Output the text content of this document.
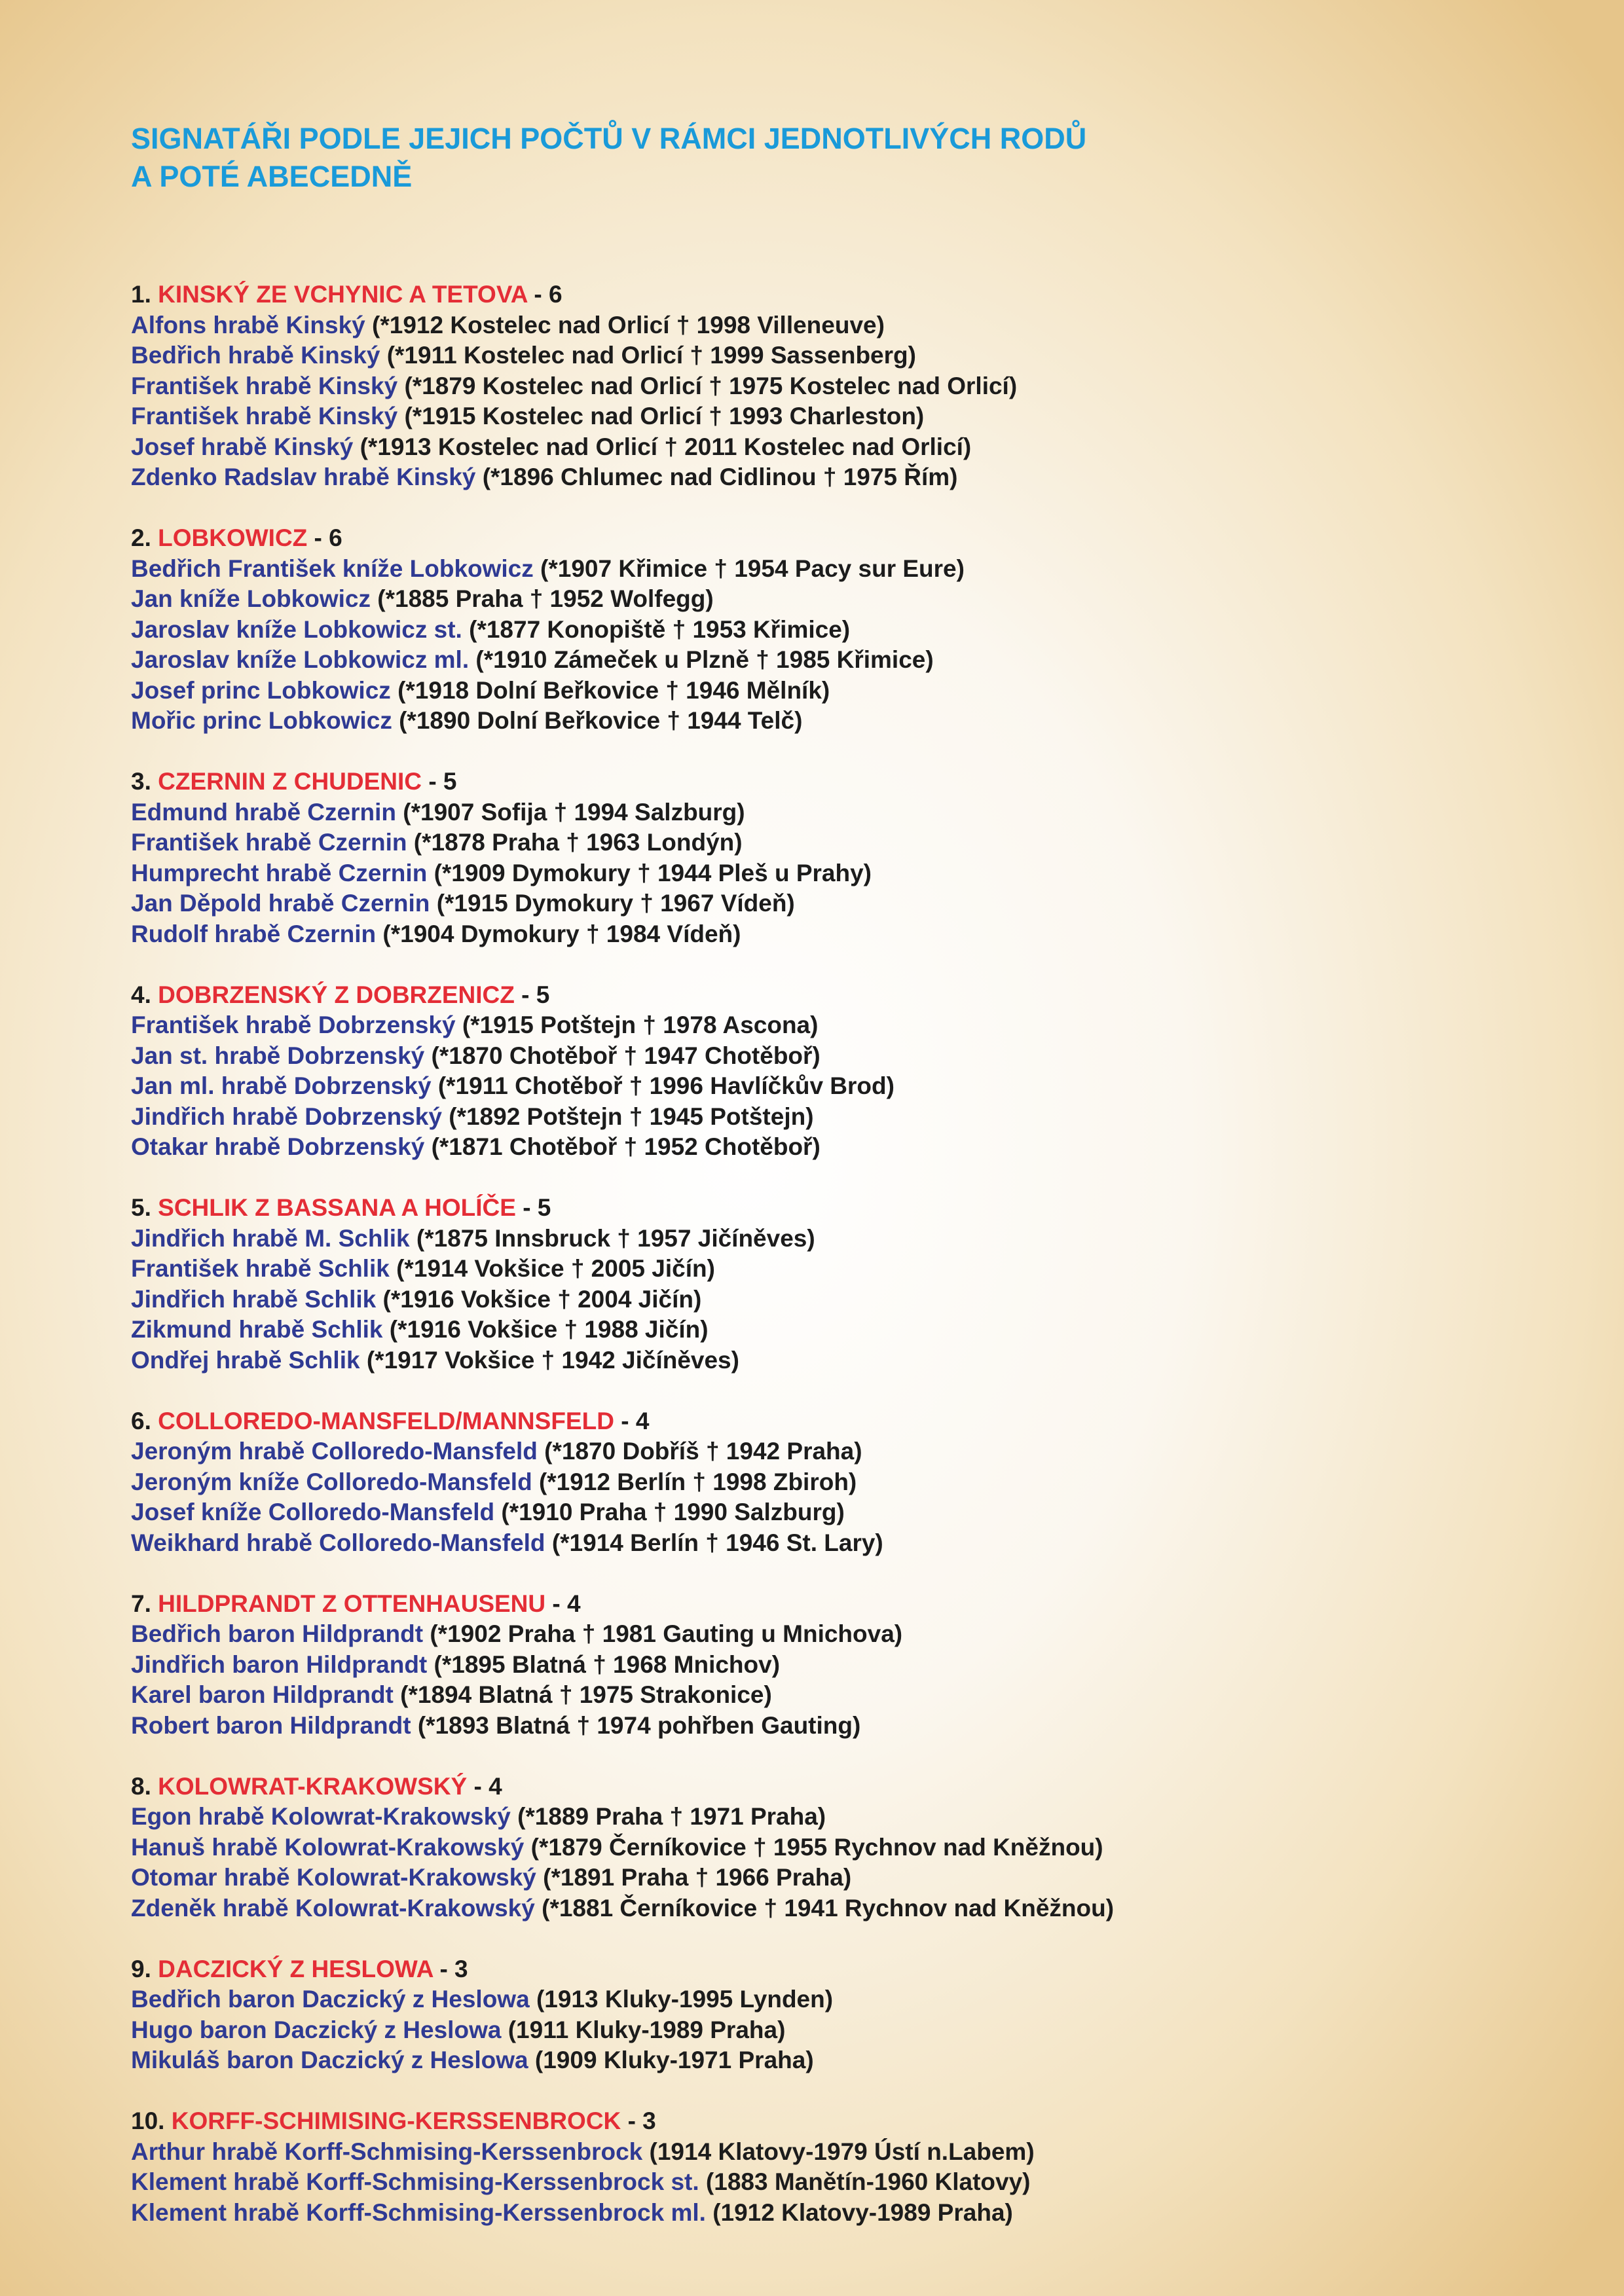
SIGNATÁŘI PODLE JEJICH POČTŮ V RÁMCI JEDNOTLIVÝCH RODŮ
A POTÉ ABECEDNĚ
1. KINSKÝ ZE VCHYNIC A TETOVA - 6
Alfons hrabě Kinský (*1912 Kostelec nad Orlicí † 1998 Villeneuve)
Bedřich hrabě Kinský (*1911 Kostelec nad Orlicí † 1999 Sassenberg)
František hrabě Kinský (*1879 Kostelec nad Orlicí † 1975 Kostelec nad Orlicí)
František hrabě Kinský (*1915 Kostelec nad Orlicí † 1993 Charleston)
Josef hrabě Kinský (*1913 Kostelec nad Orlicí † 2011 Kostelec nad Orlicí)
Zdenko Radslav hrabě Kinský (*1896 Chlumec nad Cidlinou † 1975 Řím)
2. LOBKOWICZ - 6
Bedřich František kníže Lobkowicz (*1907 Křimice † 1954 Pacy sur Eure)
Jan kníže Lobkowicz (*1885 Praha † 1952 Wolfegg)
Jaroslav kníže Lobkowicz st. (*1877 Konopiště † 1953 Křimice)
Jaroslav kníže Lobkowicz ml. (*1910 Zámeček u Plzně † 1985 Křimice)
Josef princ Lobkowicz (*1918 Dolní Beřkovice † 1946 Mělník)
Mořic princ Lobkowicz (*1890 Dolní Beřkovice † 1944 Telč)
3. CZERNIN Z CHUDENIC - 5
Edmund hrabě Czernin (*1907 Sofija † 1994 Salzburg)
František hrabě Czernin (*1878 Praha † 1963 Londýn)
Humprecht hrabě Czernin (*1909 Dymokury † 1944 Pleš u Prahy)
Jan Děpold hrabě Czernin (*1915 Dymokury † 1967 Vídeň)
Rudolf hrabě Czernin (*1904 Dymokury † 1984 Vídeň)
4. DOBRZENSKÝ Z DOBRZENICZ - 5
František hrabě Dobrzenský (*1915 Potštejn † 1978 Ascona)
Jan st. hrabě Dobrzenský (*1870 Chotěboř † 1947 Chotěboř)
Jan ml. hrabě Dobrzenský (*1911 Chotěboř † 1996 Havlíčkův Brod)
Jindřich hrabě Dobrzenský (*1892 Potštejn † 1945 Potštejn)
Otakar hrabě Dobrzenský (*1871 Chotěboř † 1952 Chotěboř)
5. SCHLIK Z BASSANA A HOLÍČE - 5
Jindřich hrabě M. Schlik (*1875 Innsbruck † 1957 Jičíněves)
František hrabě Schlik (*1914 Vokšice † 2005 Jičín)
Jindřich hrabě Schlik (*1916 Vokšice † 2004 Jičín)
Zikmund hrabě Schlik (*1916 Vokšice † 1988 Jičín)
Ondřej hrabě Schlik (*1917 Vokšice † 1942 Jičíněves)
6. COLLOREDO-MANSFELD/MANNSFELD - 4
Jeroným hrabě Colloredo-Mansfeld (*1870 Dobříš † 1942 Praha)
Jeroným kníže Colloredo-Mansfeld (*1912 Berlín † 1998 Zbiroh)
Josef kníže Colloredo-Mansfeld (*1910 Praha † 1990 Salzburg)
Weikhard hrabě Colloredo-Mansfeld (*1914 Berlín † 1946 St. Lary)
7. HILDPRANDT Z OTTENHAUSENU - 4
Bedřich baron Hildprandt (*1902 Praha † 1981 Gauting u Mnichova)
Jindřich baron Hildprandt (*1895 Blatná † 1968 Mnichov)
Karel baron Hildprandt (*1894 Blatná † 1975 Strakonice)
Robert baron Hildprandt (*1893 Blatná † 1974 pohřben Gauting)
8. KOLOWRAT-KRAKOWSKÝ - 4
Egon hrabě Kolowrat-Krakowský (*1889 Praha † 1971 Praha)
Hanuš hrabě Kolowrat-Krakowský (*1879 Černíkovice † 1955 Rychnov nad Kněžnou)
Otomar hrabě Kolowrat-Krakowský (*1891 Praha † 1966 Praha)
Zdeněk hrabě Kolowrat-Krakowský (*1881 Černíkovice † 1941 Rychnov nad Kněžnou)
9. DACZICKÝ Z HESLOWA - 3
Bedřich baron Daczický z Heslowa (1913 Kluky-1995 Lynden)
Hugo baron Daczický z Heslowa (1911 Kluky-1989 Praha)
Mikuláš baron Daczický z Heslowa (1909 Kluky-1971 Praha)
10. KORFF-SCHIMISING-KERSSENBROCK - 3
Arthur hrabě Korff-Schmising-Kerssenbrock (1914 Klatovy-1979 Ústí n.Labem)
Klement hrabě Korff-Schmising-Kerssenbrock st. (1883 Manětín-1960 Klatovy)
Klement hrabě Korff-Schmising-Kerssenbrock ml. (1912 Klatovy-1989 Praha)
